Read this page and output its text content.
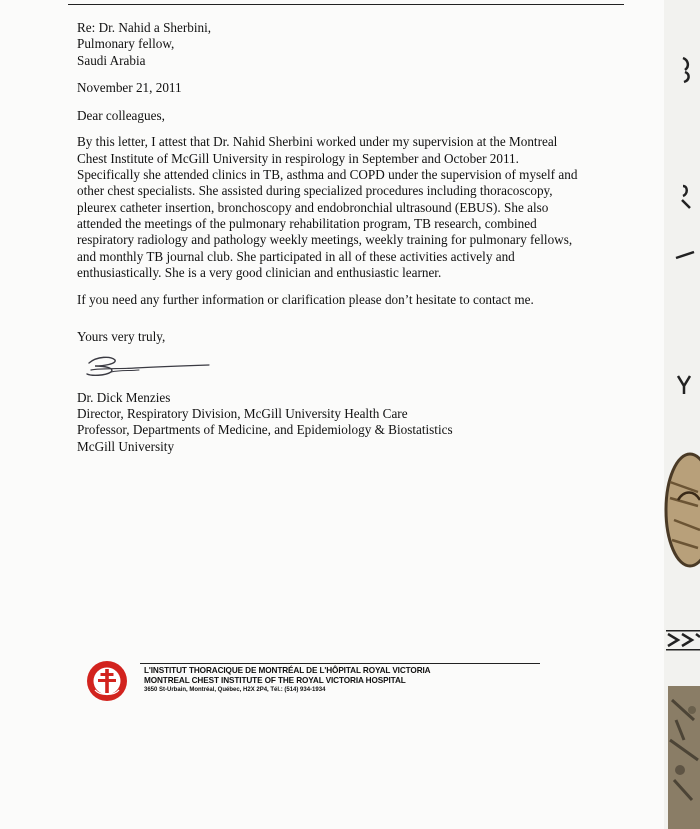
Re: Dr. Nahid a Sherbini,
Pulmonary fellow,
Saudi Arabia
November 21, 2011
Dear colleagues,
By this letter, I attest that Dr. Nahid Sherbini worked under my supervision at the Montreal
Chest Institute of McGill University in respirology in September and October 2011.
Specifically she attended clinics in TB, asthma and COPD under the supervision of myself and
other chest specialists. She assisted during specialized procedures including thoracoscopy,
pleurex catheter insertion, bronchoscopy and endobronchial ultrasound (EBUS). She also
attended the meetings of the pulmonary rehabilitation program, TB research, combined
respiratory radiology and pathology weekly meetings, weekly training for pulmonary fellows,
and monthly TB journal club. She participated in all of these activities actively and
enthusiastically. She is a very good clinician and enthusiastic learner.
If you need any further information or clarification please don’t hesitate to contact me.
Yours very truly,
Dr. Dick Menzies
Director, Respiratory Division, McGill University Health Care
Professor, Departments of Medicine, and Epidemiology & Biostatistics
McGill University
L'INSTITUT THORACIQUE DE MONTRÉAL DE L'HÔPITAL ROYAL VICTORIA
MONTREAL CHEST INSTITUTE OF THE ROYAL VICTORIA HOSPITAL
3650 St-Urbain, Montréal, Québec, H2X 2P4, Tél.: (514) 934-1934
